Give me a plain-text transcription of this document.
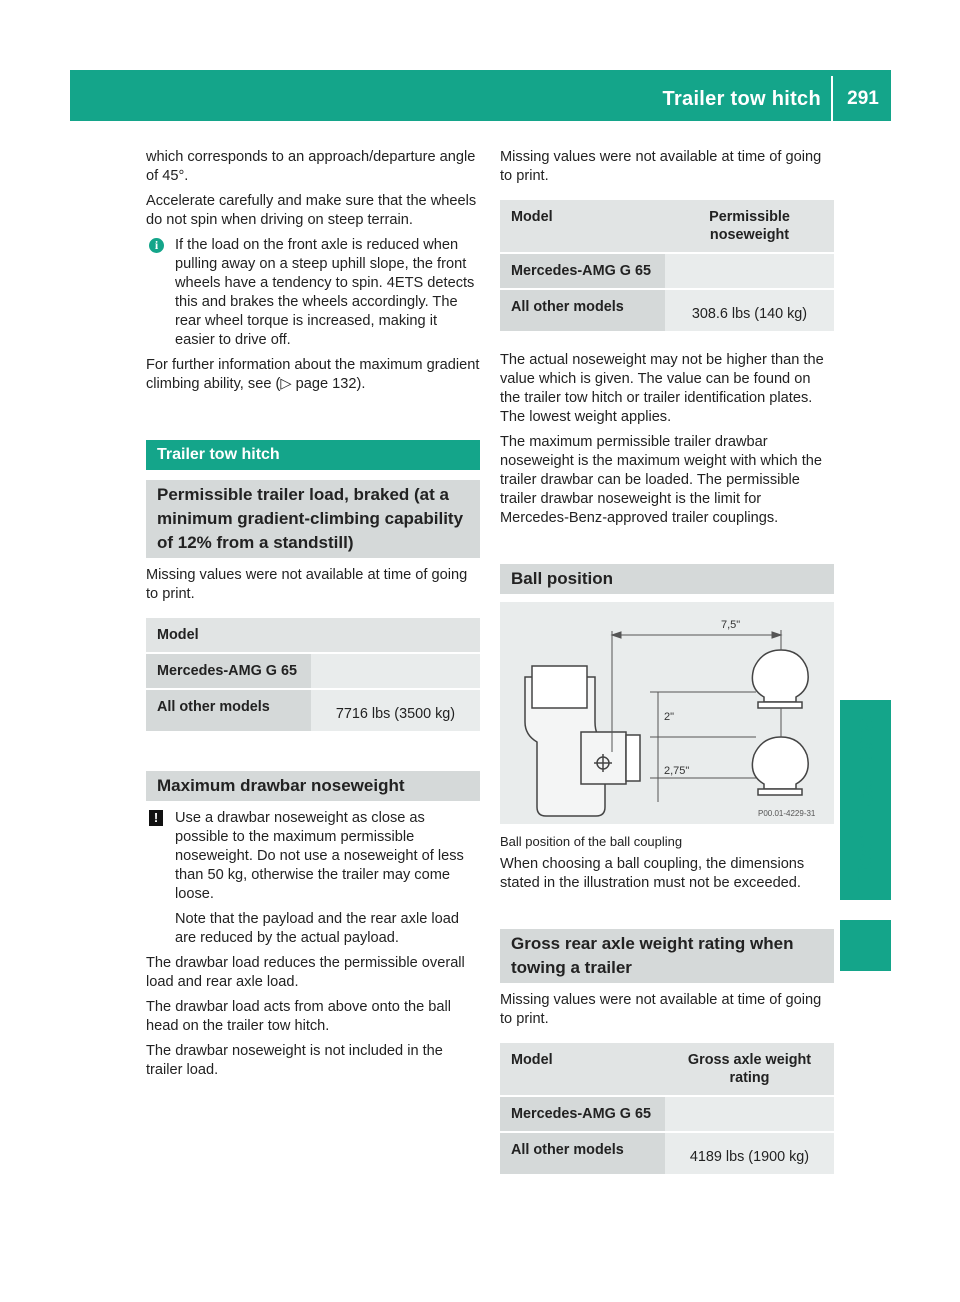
Trailer tow hitch	291
Technical data

which corresponds to an approach/departure angle of 45°.

Accelerate carefully and make sure that the wheels do not spin when driving on steep terrain.

i	If the load on the front axle is reduced when pulling away on a steep uphill slope, the front wheels have a tendency to spin. 4ETS detects this and brakes the wheels accordingly. The rear wheel torque is increased, making it easier to drive off.

For further information about the maximum gradient climbing ability, see (▷ page 132).

Trailer tow hitch
Permissible trailer load, braked (at a minimum gradient-climbing capability of 12% from a standstill)

Missing values were not available at time of going to print.

Model	
Mercedes-AMG G 65	
All other models	7716 lbs (3500 kg)
Maximum drawbar noseweight
!	Use a drawbar noseweight as close as possible to the maximum permissible noseweight. Do not use a noseweight of less than 50 kg, otherwise the trailer may come loose.
Note that the payload and the rear axle load are reduced by the actual payload.

The drawbar load reduces the permissible overall load and rear axle load.

The drawbar load acts from above onto the ball head on the trailer tow hitch.

The drawbar noseweight is not included in the trailer load.

Missing values were not available at time of going to print.

Model	Permissible noseweight
Mercedes-AMG G 65	
All other models	308.6 lbs (140 kg)

The actual noseweight may not be higher than the value which is given. The value can be found on the trailer tow hitch or trailer identification plates. The lowest weight applies.

The maximum permissible trailer drawbar noseweight is the maximum weight with which the trailer drawbar can be loaded. The permissible trailer drawbar noseweight is the limit for Mercedes-Benz-approved trailer couplings.

Ball position
7,5"
2"
2,75"
P00.01-4229-31

Ball position of the ball coupling

When choosing a ball coupling, the dimensions stated in the illustration must not be exceeded.

Gross rear axle weight rating when towing a trailer

Missing values were not available at time of going to print.

Model	Gross axle weight rating
Mercedes-AMG G 65	
All other models	4189 lbs (1900 kg)
